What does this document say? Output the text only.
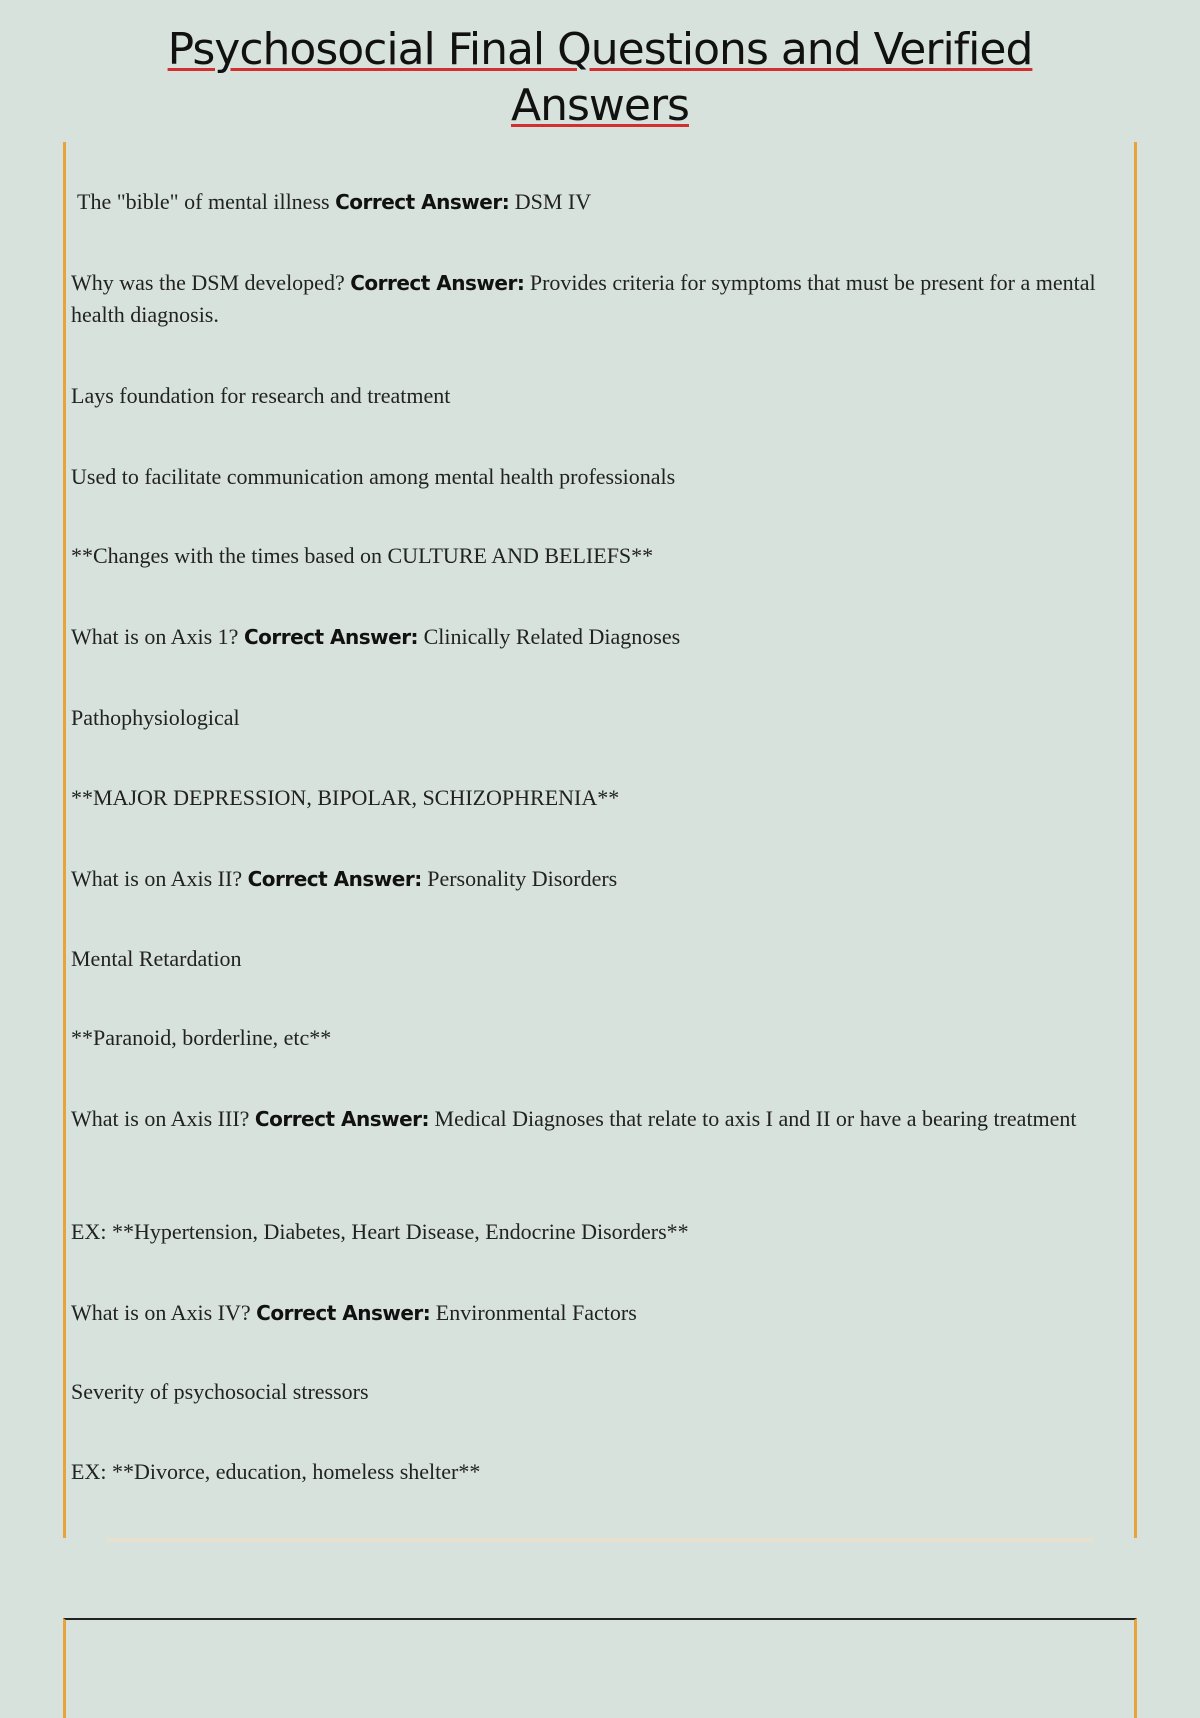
Psychosocial Final Questions and Verified
Answers

The "bible" of mental illness Correct Answer: DSM IV

Why was the DSM developed? Correct Answer: Provides criteria for symptoms that must be present for a mental health diagnosis.

Lays foundation for research and treatment

Used to facilitate communication among mental health professionals

**Changes with the times based on CULTURE AND BELIEFS**

What is on Axis 1? Correct Answer: Clinically Related Diagnoses

Pathophysiological

**MAJOR DEPRESSION, BIPOLAR, SCHIZOPHRENIA**

What is on Axis II? Correct Answer: Personality Disorders

Mental Retardation

**Paranoid, borderline, etc**

What is on Axis III? Correct Answer: Medical Diagnoses that relate to axis I and II or have a bearing treatment

EX: **Hypertension, Diabetes, Heart Disease, Endocrine Disorders**

What is on Axis IV? Correct Answer: Environmental Factors

Severity of psychosocial stressors

EX: **Divorce, education, homeless shelter**
